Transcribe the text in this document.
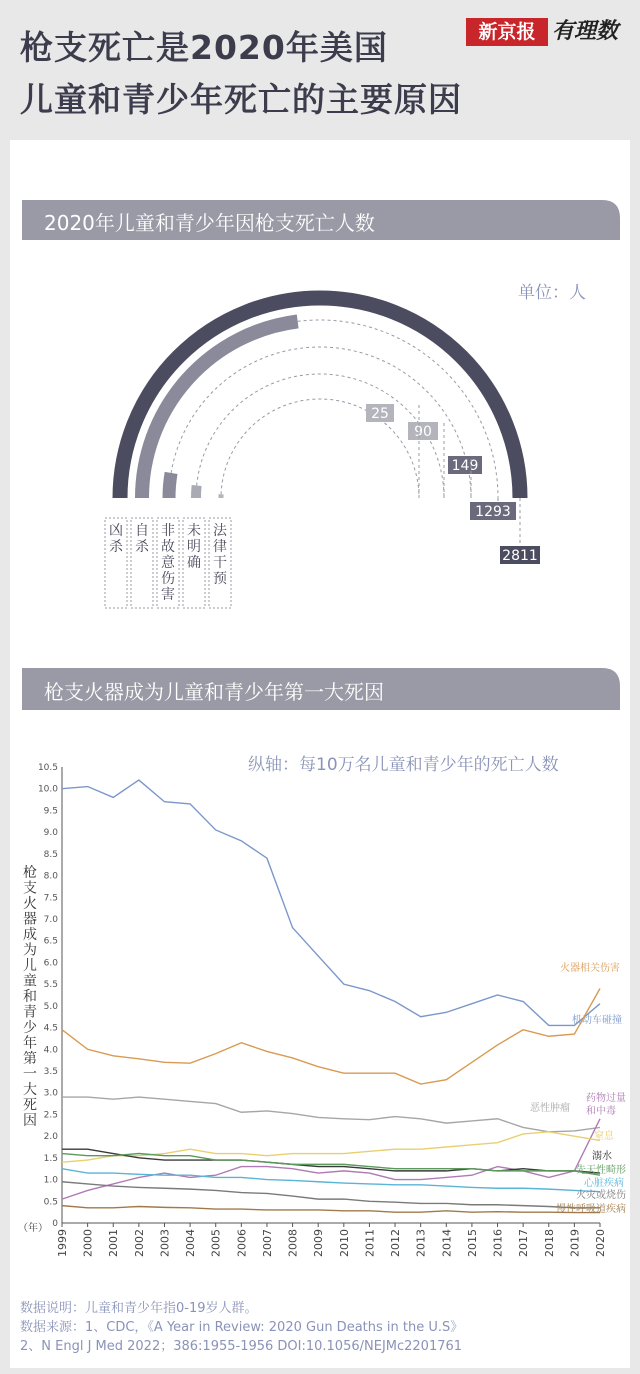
枪支死亡是2020年美国
儿童和青少年死亡的主要原因
新京报 有理数
2020年儿童和青少年因枪支死亡人数
单位：人
2811
1293
149
90
25
凶杀
自杀
非故意伤害
未明确
法律干预
枪支火器成为儿童和青少年第一大死因
纵轴：每10万名儿童和青少年的死亡人数
0
0.5
1.0
1.5
2.0
2.5
3.0
3.5
4.0
4.5
5.0
5.5
6.0
6.5
7.0
7.5
8.0
8.5
9.0
9.5
10.0
10.5
1999 2000 2001 2002 2003 2004 2005 2006 2007 2008 2009 2010 2011 2012 2013 2014 2015 2016 2017 2018 2019 2020
（年）
枪支火器成为儿童和青少年第一大死因
火器相关伤害
机动车碰撞
恶性肿瘤
药物过量和中毒
窒息
溺水
先天性畸形
心脏疾病
火灾或烧伤
慢性呼吸道疾病
数据说明：儿童和青少年指0-19岁人群。
数据来源：1、CDC，《A Year in Review: 2020 Gun Deaths in the U.S》
2、N Engl J Med 2022；386:1955-1956 DOI:10.1056/NEJMc2201761
